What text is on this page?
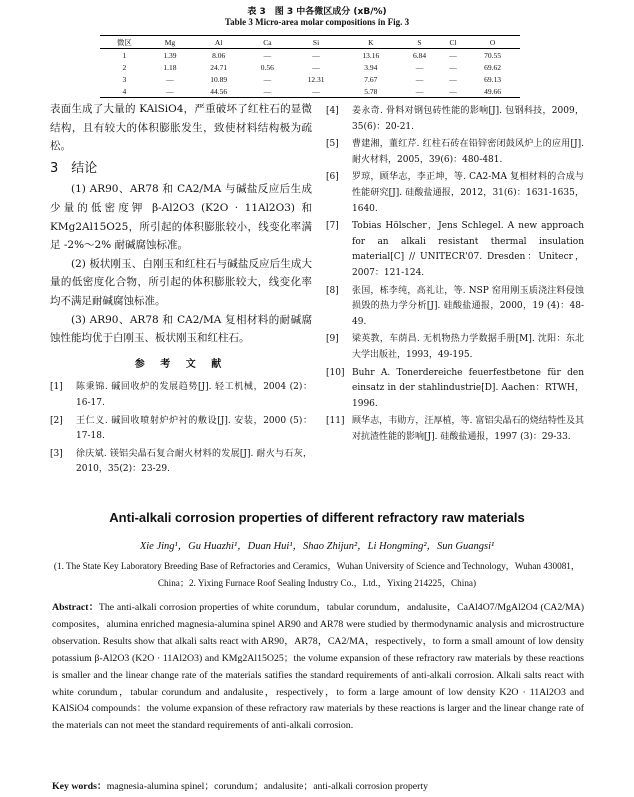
表 3　图 3 中各微区成分 (xB/%)
Table 3 Micro-area molar compositions in Fig. 3
微区	Mg	Al	Ca	Si	K	S	Cl	O
1	1.39	8.06	—	—	13.16	6.84	—	70.55
2	1.18	24.71	0.56	—	3.94	—	—	69.62
3	—	10.89	—	12.31	7.67	—	—	69.13
4	—	44.56	—	—	5.78	—	—	49.66

表面生成了大量的 KAlSiO4，严重破坏了红柱石的显微结构，且有较大的体积膨胀发生，致使材料结构极为疏松。

3　结论

(1) AR90、AR78 和 CA2/MA 与碱盐反应后生成少量的低密度钾 β-Al2O3 (K2O · 11Al2O3) 和 KMg2Al15O25，所引起的体积膨胀较小，线变化率满足 -2%～2% 耐碱腐蚀标准。

(2) 板状刚玉、白刚玉和红柱石与碱盐反应后生成大量的低密度化合物，所引起的体积膨胀较大，线变化率均不满足耐碱腐蚀标准。

(3) AR90、AR78 和 CA2/MA 复相材料的耐碱腐蚀性能均优于白刚玉、板状刚玉和红柱石。

参 考 文 献
[1]	陈秉锦. 碱回收炉的发展趋势[J]. 轻工机械，2004 (2)：16-17.
[2]	王仁义. 碱回收喷射炉炉衬的敷设[J]. 安装，2000 (5)：17-18.
[3]	徐庆斌. 镁铝尖晶石复合耐火材料的发展[J]. 耐火与石灰，2010，35(2)：23-29.
[4]	姜永奇. 骨料对钢包砖性能的影响[J]. 包钢科技，2009，35(6)：20-21.
[5]	曹建湘，董红芹. 红柱石砖在铅锌密闭鼓风炉上的应用[J]. 耐火材料，2005，39(6)：480-481.
[6]	罗琼，顾华志，李正坤，等. CA2-MA 复相材料的合成与性能研究[J]. 硅酸盐通报，2012，31(6)：1631-1635，1640.
[7]	Tobias Hölscher，Jens Schlegel. A new approach for an alkali resistant thermal insulation material[C] // UNITECR'07. Dresden：Unitecr，2007：121-124.
[8]	张国，栋李纯，高礼让，等. NSP 窑用刚玉质浇注料侵蚀损毁的热力学分析[J]. 硅酸盐通报，2000，19 (4)：48-49.
[9]	梁英教，车荫昌. 无机物热力学数据手册[M]. 沈阳：东北大学出版社，1993，49-195.
[10] Buhr A. Tonerdereiche feuerfestbetone für den einsatz in der stahlindustrie[D]. Aachen：RTWH，1996.
[11] 顾华志，韦勋方，汪厚植，等. 富铝尖晶石的烧结特性及其对抗渣性能的影响[J]. 硅酸盐通报，1997 (3)：29-33.
Anti-alkali corrosion properties of different refractory raw materials
Xie Jing¹，Gu Huazhi¹，Duan Hui¹，Shao Zhijun²，Li Hongming²，Sun Guangsi¹
(1. The State Key Laboratory Breeding Base of Refractories and Ceramics，Wuhan University of Science and Technology，Wuhan 430081，China；2. Yixing Furnace Roof Sealing Industry Co.，Ltd.，Yixing 214225，China)
Abstract：The anti-alkali corrosion properties of white corundum，tabular corundum，andalusite，CaAl4O7/MgAl2O4 (CA2/MA) composites，alumina enriched magnesia-alumina spinel AR90 and AR78 were studied by thermodynamic analysis and microstructure observation. Results show that alkali salts react with AR90，AR78，CA2/MA，respectively，to form a small amount of low density potassium β-Al2O3 (K2O · 11Al2O3) and KMg2Al15O25；the volume expansion of these refractory raw materials by these reactions is smaller and the linear change rate of the materials satifies the standard requirements of anti-alkali corrosion. Alkali salts react with white corundum，tabular corundum and andalusite，respectively，to form a large amount of low density K2O · 11Al2O3 and KAlSiO4 compounds：the volume expansion of these refractory raw materials by these reactions is larger and the linear change rate of the materials can not meet the standard requirements of anti-alkali corrosion.
Key words：magnesia-alumina spinel；corundum；andalusite；anti-alkali corrosion property
